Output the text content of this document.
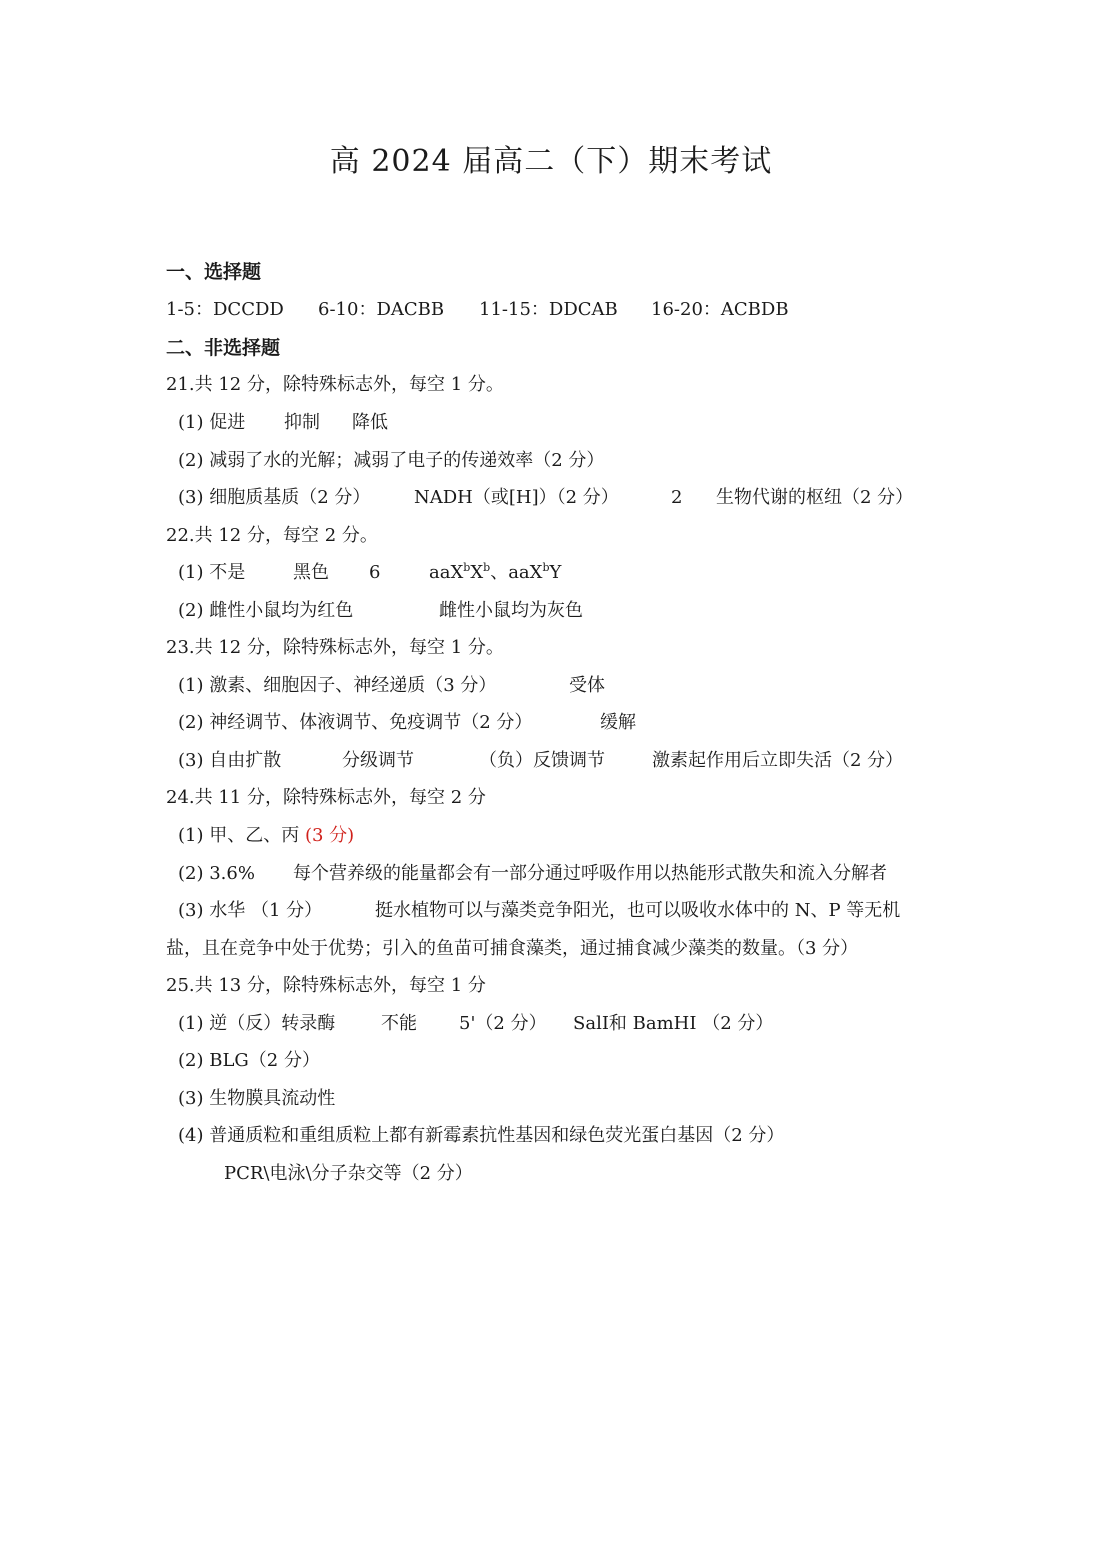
高 2024 届高二（下）期末考试
一、选择题
1-5：DCCDD 6-10：DACBB 11-15：DDCAB 16-20：ACBDB
二、非选择题
21.共 12 分，除特殊标志外，每空 1 分。
(1) 促进 抑制 降低
(2) 减弱了水的光解；减弱了电子的传递效率（2 分）
(3) 细胞质基质（2 分） NADH（或[H]）（2 分）	2 生物代谢的枢纽（2 分）
22.共 12 分，每空 2 分。
(1) 不是	黑色 6	$aaX^bX^b$、aaX$^b$Y
(2) 雌性小鼠均为红色	雌性小鼠均为灰色
23.共 12 分，除特殊标志外，每空 1 分。
(1) 激素、细胞因子、神经递质（3 分）	受体
(2) 神经调节、体液调节、免疫调节（2 分）	缓解
(3) 自由扩散	分级调节	（负）反馈调节	激素起作用后立即失活（2 分）
24.共 11 分，除特殊标志外，每空 2 分
(1) 甲、乙、丙 (3 分)
(2) 3.6% 每个营养级的能量都会有一部分通过呼吸作用以热能形式散失和流入分解者
(3) 水华 （1 分）	挺水植物可以与藻类竞争阳光，也可以吸收水体中的 N、P 等无机
盐，且在竞争中处于优势；引入的鱼苗可捕食藻类，通过捕食减少藻类的数量。（3 分）
25.共 13 分，除特殊标志外，每空 1 分
(1) 逆（反）转录酶	不能 5'（2 分） SalⅠ和 BamHⅠ （2 分）
(2) BLG（2 分）
(3) 生物膜具流动性
(4) 普通质粒和重组质粒上都有新霉素抗性基因和绿色荧光蛋白基因（2 分）
PCR\电泳\分子杂交等（2 分）
